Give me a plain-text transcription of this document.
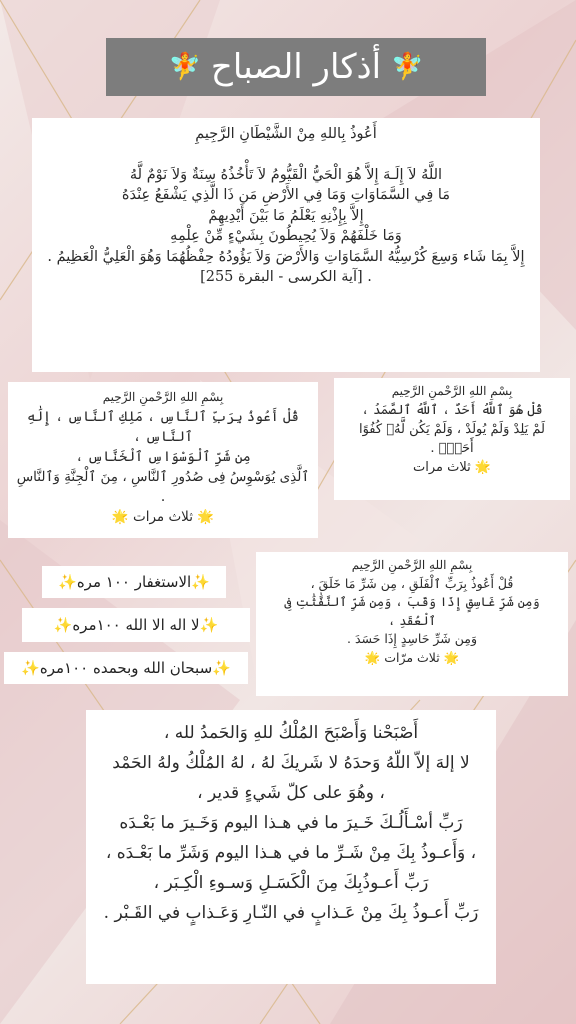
🧚
أذكار الصباح
🧚

أَعُوذُ بِاللهِ مِنْ الشَّيْطَانِ الرَّجِيمِ

اللَّهُ لاَ إِلَـهَ إِلاَّ هُوَ الْحَيُّ الْقَيُّومُ لاَ تَأْخُذُهُ سِنَةٌ وَلاَ نَوْمٌ لَّهُ

مَا فِي السَّمَاوَاتِ وَمَا فِي الأَرْضِ مَن ذَا الَّذِي يَشْفَعُ عِنْدَهُ

إِلاَّ بِإِذْنِهِ يَعْلَمُ مَا بَيْنَ أَيْدِيهِمْ

وَمَا خَلْفَهُمْ وَلاَ يُحِيطُونَ بِشَيْءٍ مِّنْ عِلْمِهِ

إِلاَّ بِمَا شَاء وَسِعَ كُرْسِيُّهُ السَّمَاوَاتِ وَالأَرْضَ وَلاَ يَؤُودُهُ حِفْظُهُمَا وَهُوَ الْعَلِيُّ الْعَظِيمُ .

. [آية الكرسى - البقرة 255]

بِسْمِ اللهِ الرَّحْمنِ الرَّحِيم

قُلْ هُوَ ٱللَّهُ أَحَدٌ ، ٱللَّهُ ٱلصَّمَدُ ،

لَمْ يَلِدْ وَلَمْ يُولَدْ ، وَلَمْ يَكُن لَّهُۥ كُفُوًا أَحَدٌۢ .

🌟 ثلاث مرات

بِسْمِ اللهِ الرَّحْمنِ الرَّحِيم

قُلْ أَعُوذُ بِرَبِّ ٱلنَّاسِ ، مَلِكِ ٱلنَّاسِ ، إِلَٰهِ ٱلنَّاسِ ،

مِن شَرِّ ٱلْوَسْوَاسِ ٱلْخَنَّاسِ ،

ٱلَّذِى يُوَسْوِسُ فِى صُدُورِ ٱلنَّاسِ ، مِنَ ٱلْجِنَّةِ وَٱلنَّاسِ .

🌟 ثلاث مرات 🌟

بِسْمِ اللهِ الرَّحْمنِ الرَّحِيم

قُلْ أَعُوذُ بِرَبِّ ٱلْفَلَقِ ، مِن شَرِّ مَا خَلَقَ ،

وَمِن شَرِّ غَاسِقٍ إِذَا وَقَبَ ، وَمِن شَرِّ ٱلنَّفَّٰثَٰتِ فِى ٱلْعُقَدِ ،

وَمِن شَرِّ حَاسِدٍ إِذَا حَسَدَ .

🌟 ثلاث مرّات 🌟

✨
الاستغفار ١٠٠ مره
✨
✨
لا اله الا الله ١٠٠مره
✨
✨
سبحان الله وبحمده ١٠٠مره
✨

أَصْبَحْنا وَأَصْبَحَ المُلْكُ للهِ وَالحَمدُ لله ،

لا إلهَ إلاّ اللّهُ وَحدَهُ لا شَريكَ لهُ ، لهُ المُلْكُ ولهُ الحَمْد

، وهُوَ على كلّ شَيءٍ قدير ،

رَبِّ أسْـأَلُـكَ خَـيرَ ما في هـذا اليوم وَخَـيرَ ما بَعْـدَه

، وَأَعـوذُ بِكَ مِنْ شَـرِّ ما في هـذا اليوم وَشَرِّ ما بَعْـدَه ،

رَبِّ أَعـوذُبِكَ مِنَ الْكَسَـلِ وَسـوءِ الْكِـبَر ،

رَبِّ أَعـوذُ بِكَ مِنْ عَـذابٍ في النّـارِ وَعَـذابٍ في القَـبْر .
